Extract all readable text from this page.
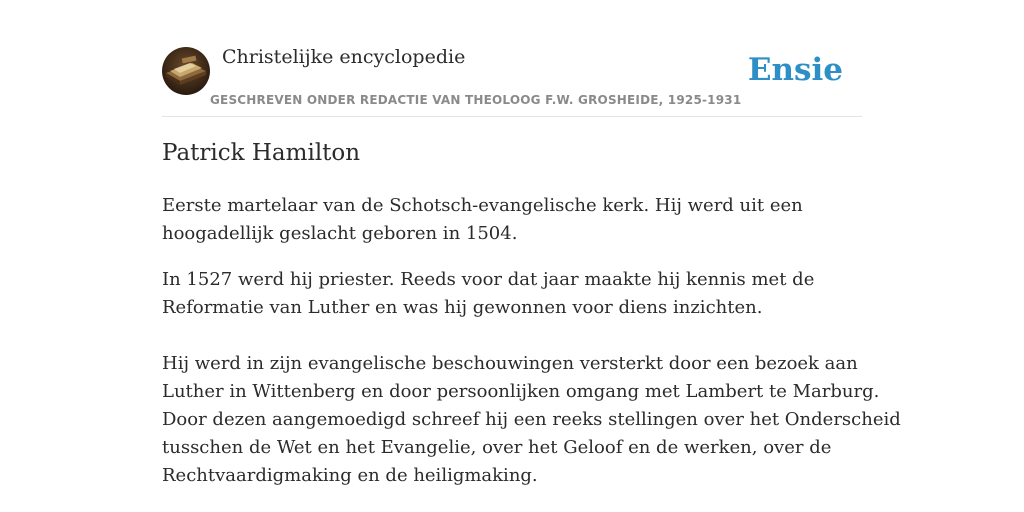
Christelijke encyclopedie
GESCHREVEN ONDER REDACTIE VAN THEOLOOG F.W. GROSHEIDE, 1925-1931
Ensie
Patrick Hamilton

Eerste martelaar van de Schotsch-evangelische kerk. Hij werd uit een
hoogadellijk geslacht geboren in 1504.

In 1527 werd hij priester. Reeds voor dat jaar maakte hij kennis met de
Reformatie van Luther en was hij gewonnen voor diens inzichten.

Hij werd in zijn evangelische beschouwingen versterkt door een bezoek aan
Luther in Wittenberg en door persoonlijken omgang met Lambert te Marburg.
Door dezen aangemoedigd schreef hij een reeks stellingen over het Onderscheid
tusschen de Wet en het Evangelie, over het Geloof en de werken, over de
Rechtvaardigmaking en de heiligmaking.
